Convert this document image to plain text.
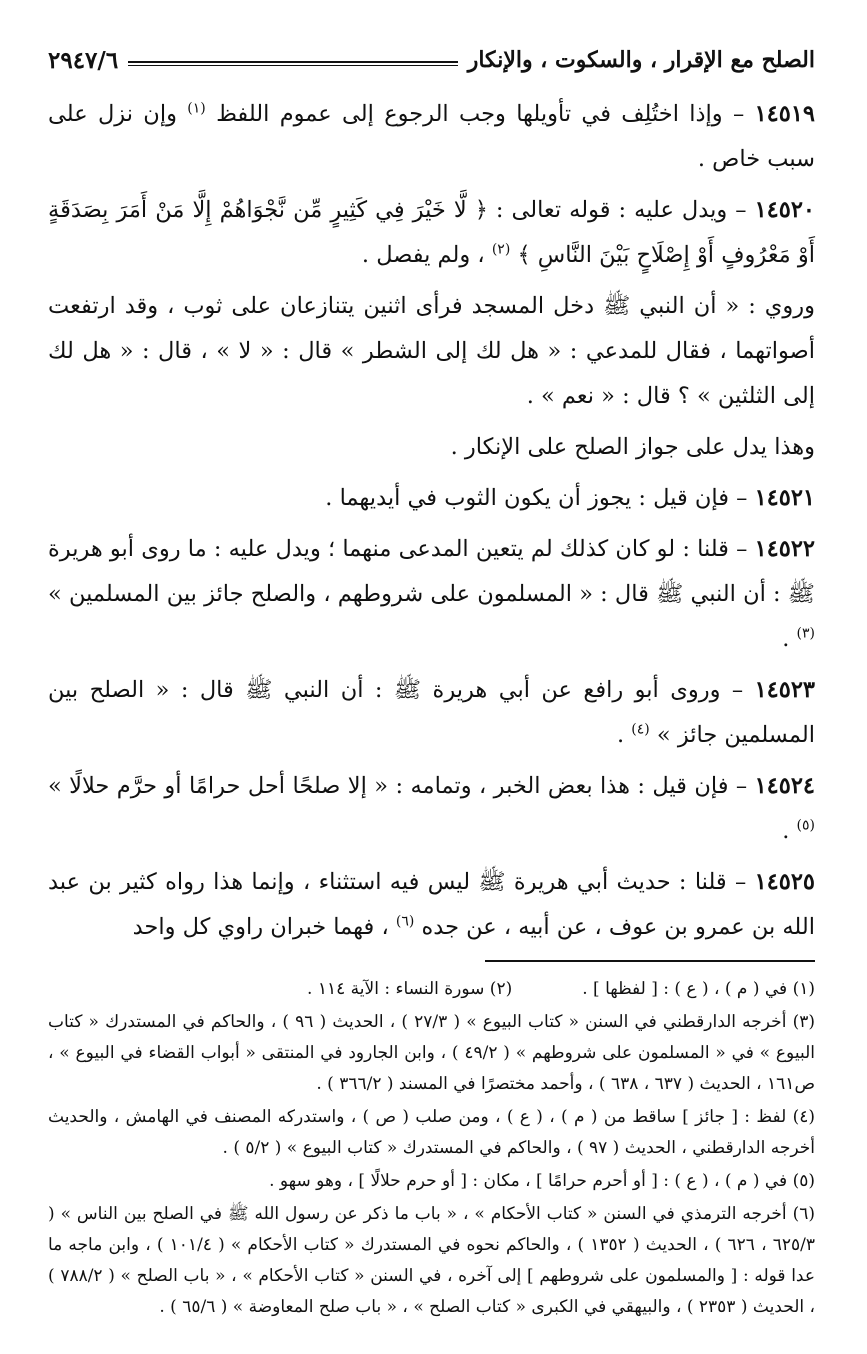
الصلح مع الإقرار ، والسكوت ، والإنكار
٢٩٤٧/٦

١٤٥١٩ – وإذا اختُلِف في تأويلها وجب الرجوع إلى عموم اللفظ $^{(١)}$ وإن نزل على سبب خاص .

١٤٥٢٠ – ويدل عليه : قوله تعالى : ﴿ لَّا خَيْرَ فِي كَثِيرٍ مِّن نَّجْوَاهُمْ إِلَّا مَنْ أَمَرَ بِصَدَقَةٍ أَوْ مَعْرُوفٍ أَوْ إِصْلَاحٍ بَيْنَ النَّاسِ ﴾ $^{(٢)}$ ، ولم يفصل .

وروي : « أن النبي ﷺ دخل المسجد فرأى اثنين يتنازعان على ثوب ، وقد ارتفعت أصواتهما ، فقال للمدعي : « هل لك إلى الشطر » قال : « لا » ، قال : « هل لك إلى الثلثين » ؟ قال : « نعم » .

وهذا يدل على جواز الصلح على الإنكار .

١٤٥٢١ – فإن قيل : يجوز أن يكون الثوب في أيديهما .

١٤٥٢٢ – قلنا : لو كان كذلك لم يتعين المدعى منهما ؛ ويدل عليه : ما روى أبو هريرة ﷺ : أن النبي ﷺ قال : « المسلمون على شروطهم ، والصلح جائز بين المسلمين » $^{(٣)}$ .

١٤٥٢٣ – وروى أبو رافع عن أبي هريرة ﷺ : أن النبي ﷺ قال : « الصلح بين المسلمين جائز » $^{(٤)}$ .

١٤٥٢٤ – فإن قيل : هذا بعض الخبر ، وتمامه : « إلا صلحًا أحل حرامًا أو حرَّم حلالًا » $^{(٥)}$ .

١٤٥٢٥ – قلنا : حديث أبي هريرة ﷺ ليس فيه استثناء ، وإنما هذا رواه كثير بن عبد الله بن عمرو بن عوف ، عن أبيه ، عن جده $^{(٦)}$ ، فهما خبران راوي كل واحد

(١) في ( م ) ، ( ع ) : [ لفظها ] .
(٢) سورة النساء : الآية ١١٤ .

(٣) أخرجه الدارقطني في السنن « كتاب البيوع » ( ٢٧/٣ ) ، الحديث ( ٩٦ ) ، والحاكم في المستدرك « كتاب البيوع » في « المسلمون على شروطهم » ( ٤٩/٢ ) ، وابن الجارود في المنتقى « أبواب القضاء في البيوع » ، ص١٦١ ، الحديث ( ٦٣٧ ، ٦٣٨ ) ، وأحمد مختصرًا في المسند ( ٣٦٦/٢ ) .

(٤) لفظ : [ جائز ] ساقط من ( م ) ، ( ع ) ، ومن صلب ( ص ) ، واستدركه المصنف في الهامش ، والحديث أخرجه الدارقطني ، الحديث ( ٩٧ ) ، والحاكم في المستدرك « كتاب البيوع » ( ٥/٢ ) .

(٥) في ( م ) ، ( ع ) : [ أو أحرم حرامًا ] ، مكان : [ أو حرم حلالًا ] ، وهو سهو .

(٦) أخرجه الترمذي في السنن « كتاب الأحكام » ، « باب ما ذكر عن رسول الله ﷺ في الصلح بين الناس » ( ٦٢٥/٣ ، ٦٢٦ ) ، الحديث ( ١٣٥٢ ) ، والحاكم نحوه في المستدرك « كتاب الأحكام » ( ١٠١/٤ ) ، وابن ماجه ما عدا قوله : [ والمسلمون على شروطهم ] إلى آخره ، في السنن « كتاب الأحكام » ، « باب الصلح » ( ٧٨٨/٢ ) ، الحديث ( ٢٣٥٣ ) ، والبيهقي في الكبرى « كتاب الصلح » ، « باب صلح المعاوضة » ( ٦٥/٦ ) .
